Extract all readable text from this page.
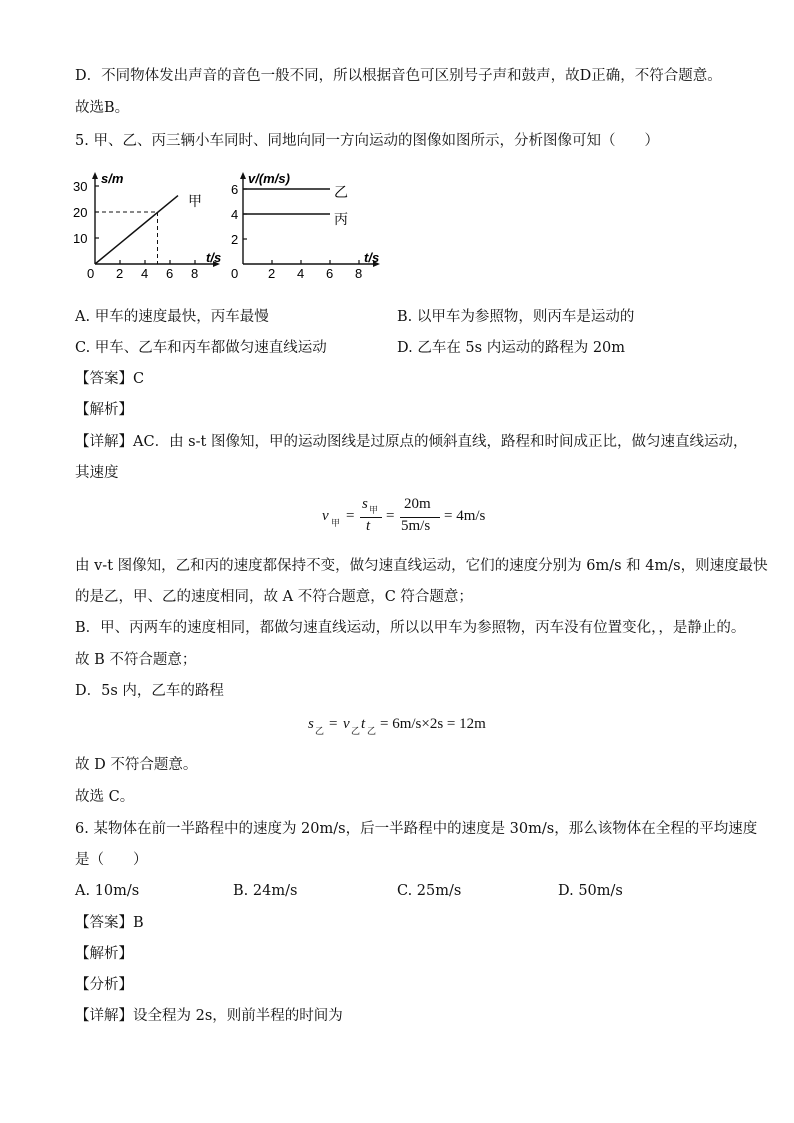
D．不同物体发出声音的音色一般不同，所以根据音色可区别号子声和鼓声，故D正确，不符合题意。
故选B。
5. 甲、乙、丙三辆小车同时、同地向同一方向运动的图像如图所示，分析图像可知（　　）
0 2 4 6 8
10
20
30
s/m
t/s
甲
0 2 4 6 8
2
4
6
v/(m/s)
t/s
乙
丙
A. 甲车的速度最快，丙车最慢	B. 以甲车为参照物，则丙车是运动的
C. 甲车、乙车和丙车都做匀速直线运动	D. 乙车在 5s 内运动的路程为 20m
【答案】C
【解析】
【详解】AC．由 s-t 图像知，甲的运动图线是过原点的倾斜直线，路程和时间成正比，做匀速直线运动，
其速度
v 甲 =
s 甲
t
=
20m
5m/s
= 4m/s
由 v-t 图像知，乙和丙的速度都保持不变，做匀速直线运动，它们的速度分别为 6m/s 和 4m/s，则速度最快
的是乙，甲、乙的速度相同，故 A 不符合题意，C 符合题意；
B．甲、丙两车的速度相同，都做匀速直线运动，所以以甲车为参照物，丙车没有位置变化，，是静止的。
故 B 不符合题意；
D．5s 内，乙车的路程
s 乙 = v 乙 t 乙 = 6m/s×2s = 12m
故 D 不符合题意。
故选 C。
6. 某物体在前一半路程中的速度为 20m/s，后一半路程中的速度是 30m/s，那么该物体在全程的平均速度
是（　　）
A. 10m/s	B. 24m/s	C. 25m/s	D. 50m/s
【答案】B
【解析】
【分析】
【详解】设全程为 2s，则前半程的时间为
